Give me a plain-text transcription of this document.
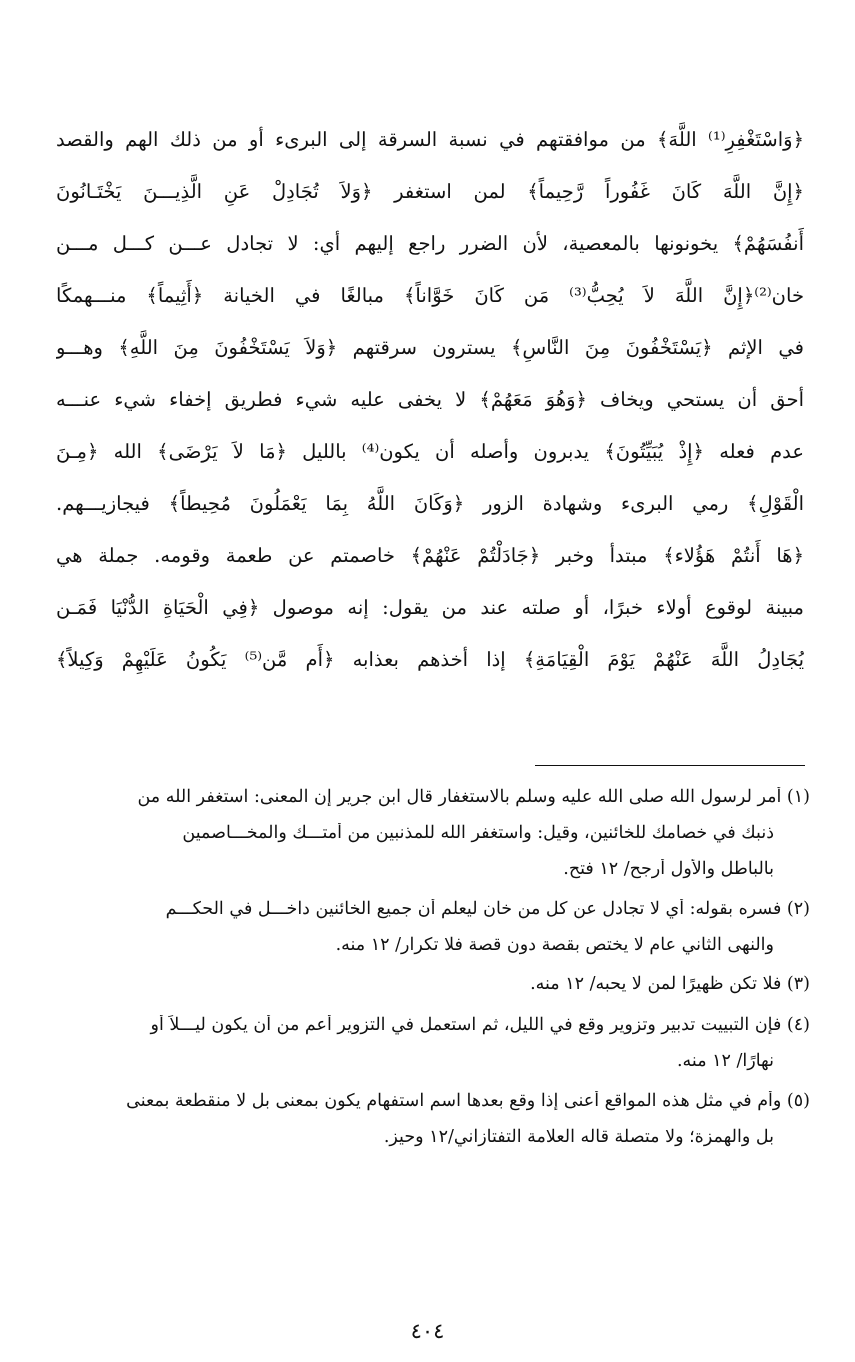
﴿وَاسْتَغْفِرِ⁽¹⁾ اللَّهَ﴾ من موافقتهم في نسبة السرقة إلى البرىء أو من ذلك الهم والقصد
﴿إِنَّ اللَّهَ كَانَ غَفُوراً رَّحِيماً﴾ لمن استغفر ﴿وَلاَ تُجَادِلْ عَنِ الَّذِيـــنَ يَخْتَـانُونَ
أَنفُسَهُمْ﴾ يخونونها بالمعصية، لأن الضرر راجع إليهم أي: لا تجادل عـــن كـــل مـــن
خان⁽²⁾﴿إِنَّ اللَّهَ لاَ يُحِبُّ⁽³⁾ مَن كَانَ خَوَّاناً﴾ مبالغًا في الخيانة ﴿أَثِيماً﴾ منـــهمكًا
في الإثم ﴿يَسْتَخْفُونَ مِنَ النَّاسِ﴾ يسترون سرقتهم ﴿وَلاَ يَسْتَخْفُونَ مِنَ اللَّهِ﴾ وهـــو
أحق أن يستحي ويخاف ﴿وَهُوَ مَعَهُمْ﴾ لا يخفى عليه شيء فطريق إخفاء شيء عنـــه
عدم فعله ﴿إِذْ يُبَيِّتُونَ﴾ يدبرون وأصله أن يكون⁽⁴⁾ بالليل ﴿مَا لاَ يَرْضَى﴾ الله ﴿مِـنَ
الْقَوْلِ﴾ رمي البرىء وشهادة الزور ﴿وَكَانَ اللَّهُ بِمَا يَعْمَلُونَ مُحِيطاً﴾ فيجازيـــهم.
﴿هَا أَنتُمْ هَؤُلاء﴾ مبتدأ وخبر ﴿جَادَلْتُمْ عَنْهُمْ﴾ خاصمتم عن طعمة وقومه. جملة هي
مبينة لوقوع أولاء خبرًا، أو صلته عند من يقول: إنه موصول ﴿فِي الْحَيَاةِ الدُّنْيَا فَمَـن
يُجَادِلُ اللَّهَ عَنْهُمْ يَوْمَ الْقِيَامَةِ﴾ إذا أخذهم بعذابه ﴿أَم مَّن⁽⁵⁾ يَكُونُ عَلَيْهِمْ وَكِيلاً﴾
(١) أمر لرسول الله صلى الله عليه وسلم بالاستغفار قال ابن جرير إن المعنى: استغفر الله من
ذنبك في خصامك للخائنين، وقيل: واستغفر الله للمذنبين من أمتـــك والمخـــاصمين
بالباطل والأول أرجح/ ١٢ فتح.
(٢) فسره بقوله: أي لا تجادل عن كل من خان ليعلم أن جميع الخائنين داخـــل في الحكـــم
والنهى الثاني عام لا يختص بقصة دون قصة فلا تكرار/ ١٢ منه.
(٣) فلا تكن ظهيرًا لمن لا يحبه/ ١٢ منه.
(٤) فإن التبييت تدبير وتزوير وقع في الليل، ثم استعمل في التزوير أعم من أن يكون ليـــلاً أو
نهارًا/ ١٢ منه.
(٥) وأم في مثل هذه المواقع أعنى إذا وقع بعدها اسم استفهام يكون بمعنى بل لا منقطعة بمعنى
بل والهمزة؛ ولا متصلة قاله العلامة التفتازاني/١٢ وحيز.
٤٠٤
